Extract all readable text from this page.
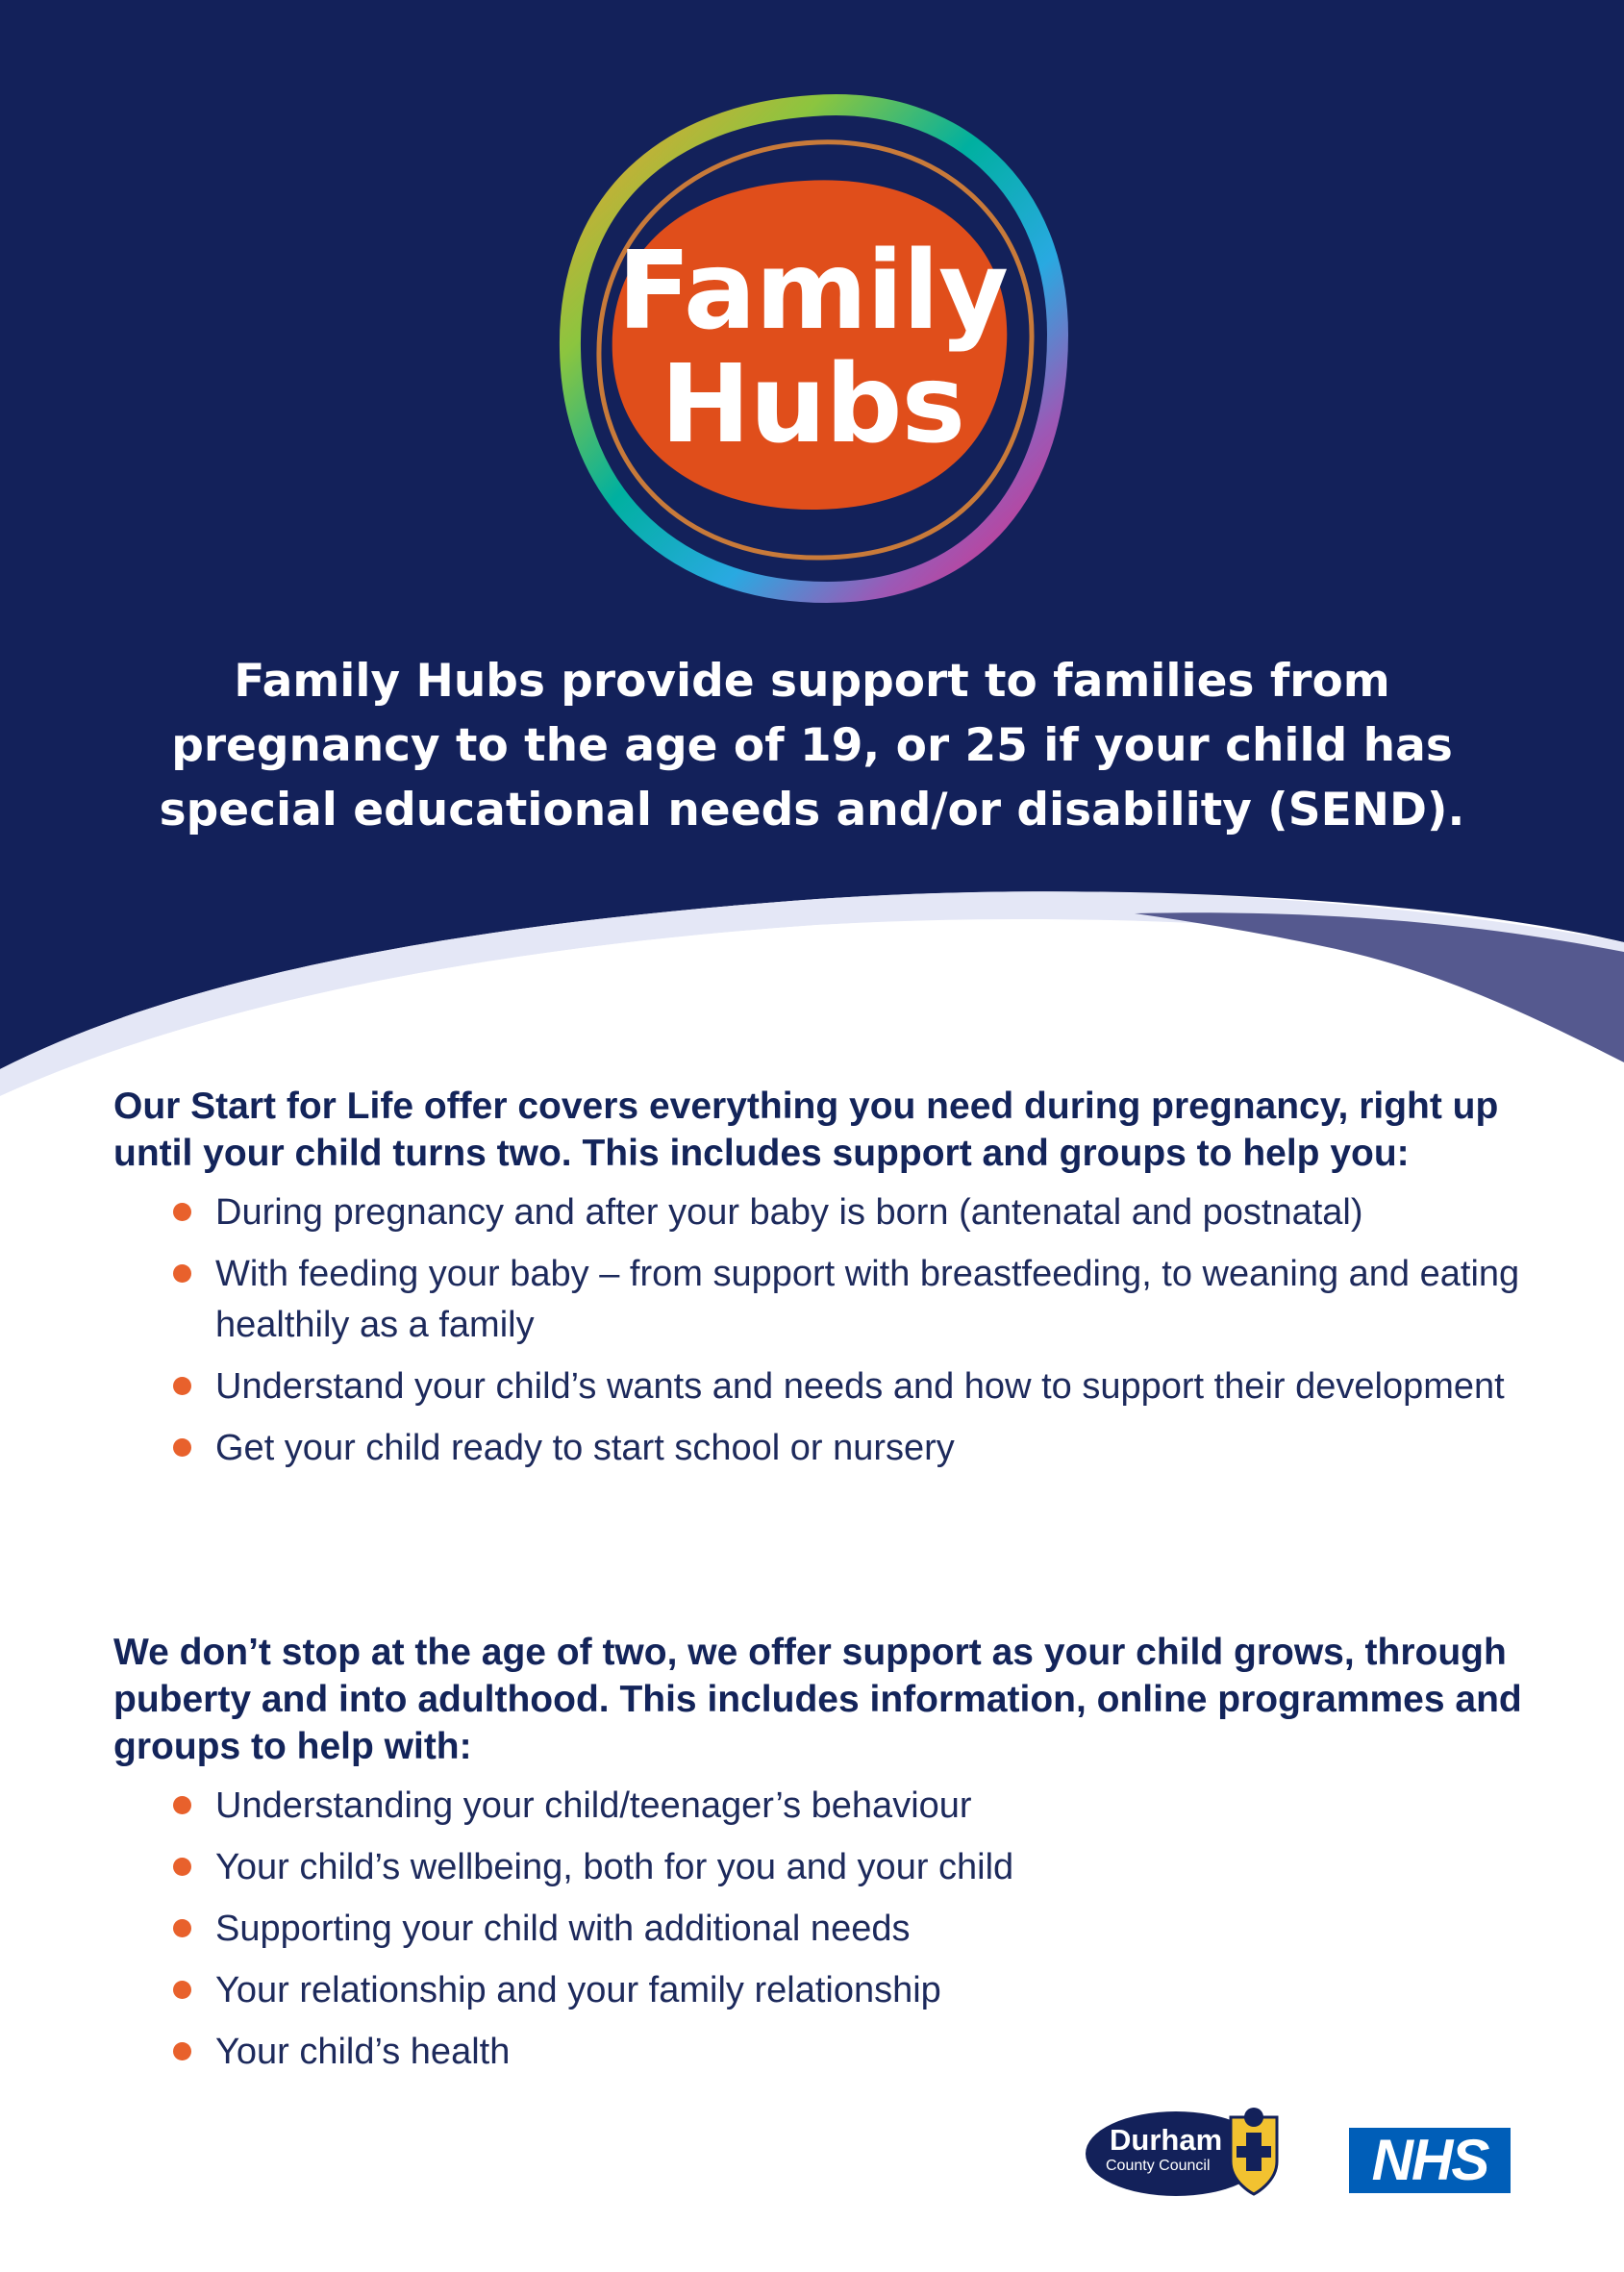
Family
Hubs
Family Hubs provide support to families from pregnancy to the age of 19, or 25 if your child has special educational needs and/or disability (SEND).

Our Start for Life offer covers everything you need during pregnancy, right up until your child turns two. This includes support and groups to help you:

During pregnancy and after your baby is born (antenatal and postnatal)
With feeding your baby – from support with breastfeeding, to weaning and eating healthily as a family
Understand your child’s wants and needs and how to support their development
Get your child ready to start school or nursery

We don’t stop at the age of two, we offer support as your child grows, through puberty and into adulthood. This includes information, online programmes and groups to help with:

Understanding your child/teenager’s behaviour
Your child’s wellbeing, both for you and your child
Supporting your child with additional needs
Your relationship and your family relationship
Your child’s health
Durham
County Council	NHS
